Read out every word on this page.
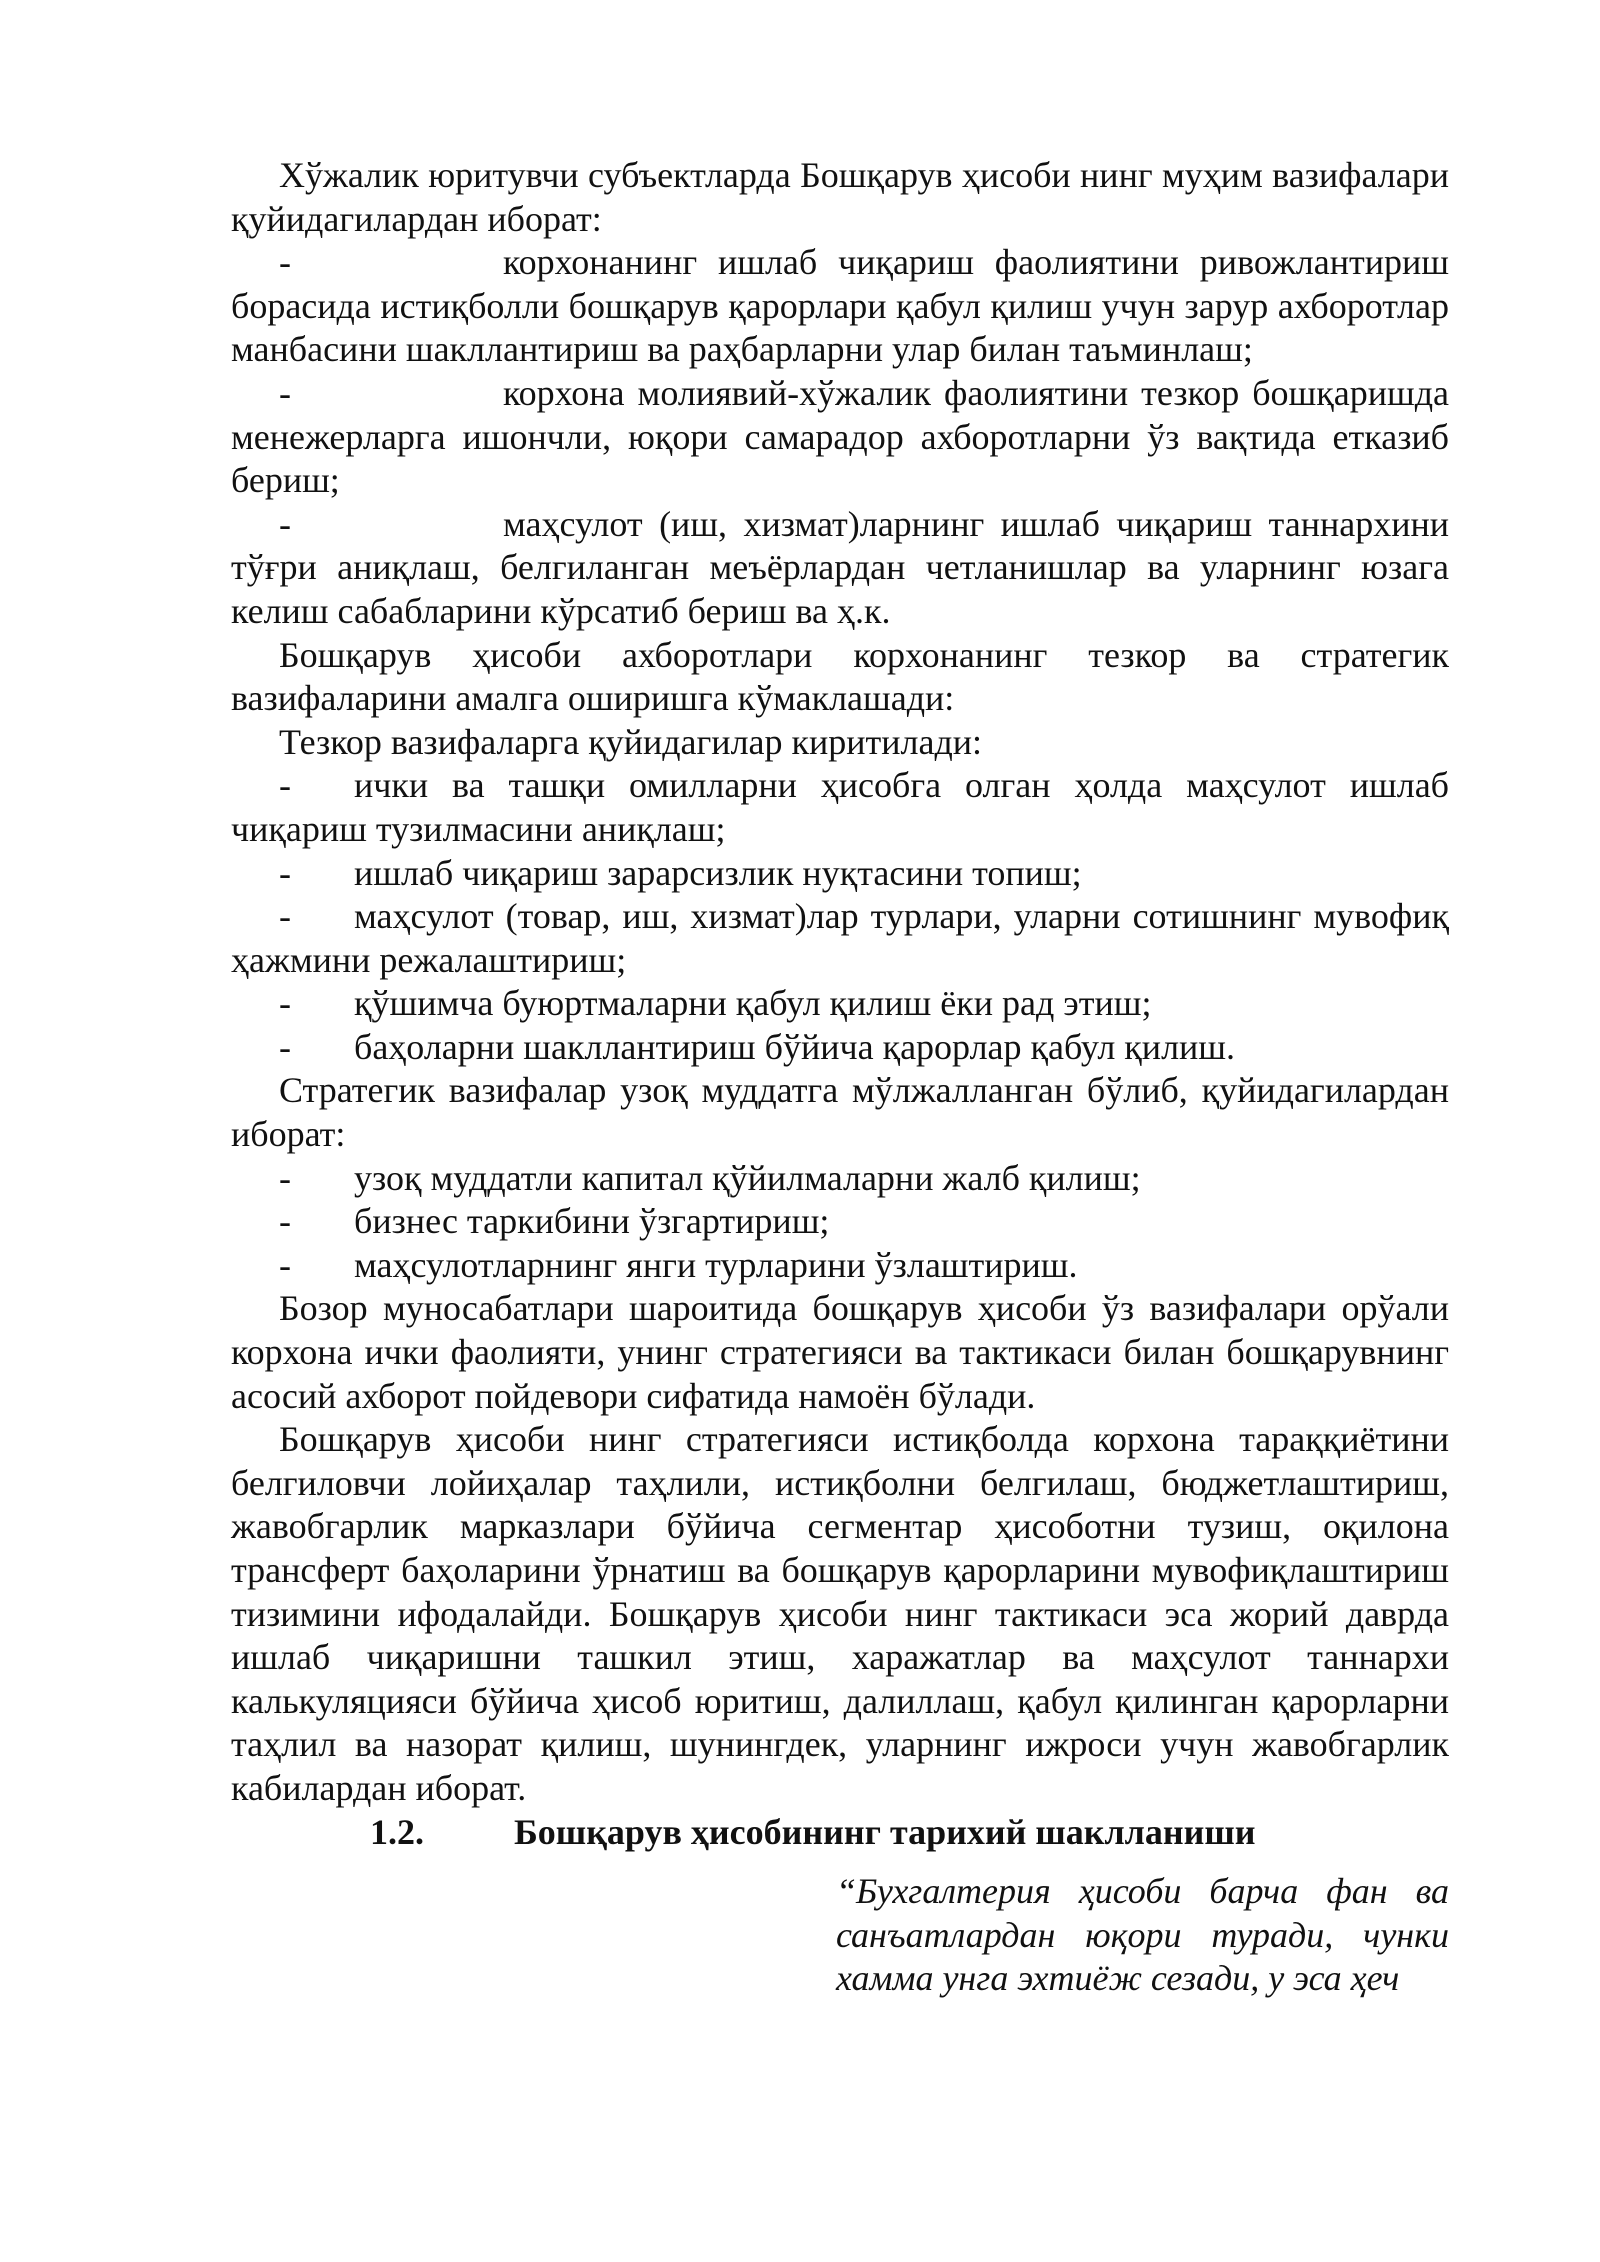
Хўжалик юритувчи субъектларда Бошқарув ҳисоби нинг муҳим вазифалари қуйидагилардан иборат:

-	корхонанинг ишлаб чиқариш фаолиятини ривожлантириш борасида истиқболли бошқарув қарорлари қабул қилиш учун зарур ахборотлар манбасини шакллантириш ва раҳбарларни улар билан таъминлаш;

-	корхона молиявий-хўжалик фаолиятини тезкор бошқаришда менежерларга ишончли, юқори самарадор ахборотларни ўз вақтида етказиб бериш;

-	маҳсулот (иш, хизмат)ларнинг ишлаб чиқариш таннархини тўғри аниқлаш, белгиланган меъёрлардан четланишлар ва уларнинг юзага келиш сабабларини кўрсатиб бериш ва ҳ.к.

Бошқарув ҳисоби ахборотлари корхонанинг тезкор ва стратегик вазифаларини амалга оширишга кўмаклашади:

Тезкор вазифаларга қуйидагилар киритилади:

- ички ва ташқи омилларни ҳисобга олган ҳолда маҳсулот ишлаб чиқариш тузилмасини аниқлаш;

- ишлаб чиқариш зарарсизлик нуқтасини топиш;

- маҳсулот (товар, иш, хизмат)лар турлари, уларни сотишнинг мувофиқ ҳажмини режалаштириш;

- қўшимча буюртмаларни қабул қилиш ёки рад этиш;

- баҳоларни шакллантириш бўйича қарорлар қабул қилиш.

Стратегик вазифалар узоқ муддатга мўлжалланган бўлиб, қуйидагилардан иборат:

- узоқ муддатли капитал қўйилмаларни жалб қилиш;

- бизнес таркибини ўзгартириш;

- маҳсулотларнинг янги турларини ўзлаштириш.

Бозор муносабатлари шароитида бошқарув ҳисоби ўз вазифалари орўали корхона ички фаолияти, унинг стратегияси ва тактикаси билан бошқарувнинг асосий ахборот пойдевори сифатида намоён бўлади.

Бошқарув ҳисоби нинг стратегияси истиқболда корхона тараққиётини белгиловчи лойиҳалар таҳлили, истиқболни белгилаш, бюджетлаштириш, жавобгарлик марказлари бўйича сегментар ҳисоботни тузиш, оқилона трансферт баҳоларини ўрнатиш ва бошқарув қарорларини мувофиқлаштириш тизимини ифодалайди. Бошқарув ҳисоби нинг тактикаси эса жорий даврда ишлаб чиқаришни ташкил этиш, харажатлар ва маҳсулот таннархи калькуляцияси бўйича ҳисоб юритиш, далиллаш, қабул қилинган қарорларни таҳлил ва назорат қилиш, шунингдек, уларнинг ижроси учун жавобгарлик кабилардан иборат.

1.2.	Бошқарув ҳисобининг тарихий шаклланиши

“Бухгалтерия ҳисоби барча фан ва санъатлардан юқори туради, чунки хамма унга эхтиёж сезади, у эса ҳеч
